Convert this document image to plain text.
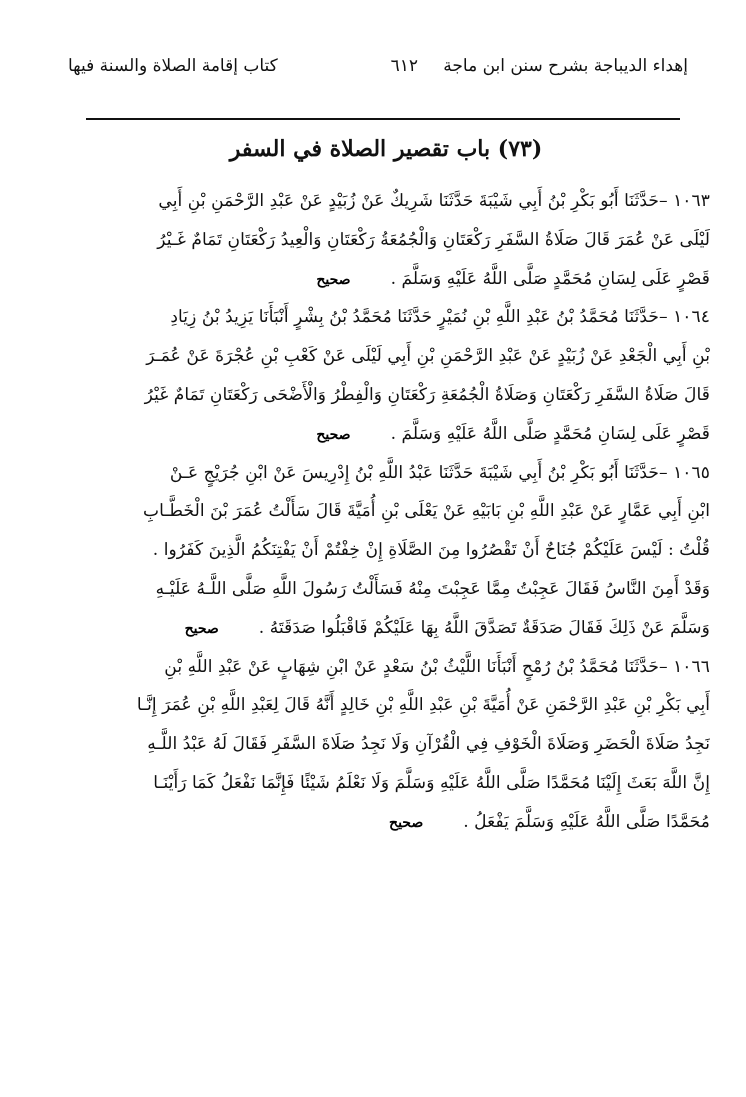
إهداء الديباجة بشرح سنن ابن ماجة
٦١٢
كتاب إقامة الصلاة والسنة فيها
(٧٣) باب تقصير الصلاة في السفر
١٠٦٣ –حَدَّثَنَا أَبُو بَكْرِ بْنُ أَبِي شَيْبَةَ حَدَّثَنَا شَرِيكٌ عَنْ زُبَيْدٍ عَنْ عَبْدِ الرَّحْمَنِ بْنِ أَبِي
لَيْلَى عَنْ عُمَرَ قَالَ صَلَاةُ السَّفَرِ رَكْعَتَانِ وَالْجُمُعَةُ رَكْعَتَانِ وَالْعِيدُ رَكْعَتَانِ تَمَامٌ غَـيْرُ
قَصْرٍ عَلَى لِسَانِ مُحَمَّدٍ صَلَّى اللَّهُ عَلَيْهِ وَسَلَّمَ .صحيح
١٠٦٤ –حَدَّثَنَا مُحَمَّدُ بْنُ عَبْدِ اللَّهِ بْنِ نُمَيْرٍ حَدَّثَنَا مُحَمَّدُ بْنُ بِشْرٍ أَنْبَأَنَا يَزِيدُ بْنُ زِيَادِ
بْنِ أَبِي الْجَعْدِ عَنْ زُبَيْدٍ عَنْ عَبْدِ الرَّحْمَنِ بْنِ أَبِي لَيْلَى عَنْ كَعْبِ بْنِ عُجْرَةَ عَنْ عُمَـرَ
قَالَ صَلَاةُ السَّفَرِ رَكْعَتَانِ وَصَلَاةُ الْجُمُعَةِ رَكْعَتَانِ وَالْفِطْرُ وَالْأَضْحَى رَكْعَتَانِ تَمَامٌ غَيْرُ
قَصْرٍ عَلَى لِسَانِ مُحَمَّدٍ صَلَّى اللَّهُ عَلَيْهِ وَسَلَّمَ .صحيح
١٠٦٥ –حَدَّثَنَا أَبُو بَكْرِ بْنُ أَبِي شَيْبَةَ حَدَّثَنَا عَبْدُ اللَّهِ بْنُ إِدْرِيسَ عَنْ ابْنِ جُرَيْجٍ عَـنْ
ابْنِ أَبِي عَمَّارٍ عَنْ عَبْدِ اللَّهِ بْنِ بَابَيْهِ عَنْ يَعْلَى بْنِ أُمَيَّةَ قَالَ سَأَلْتُ عُمَرَ بْنَ الْخَطَّـابِ
قُلْتُ : لَيْسَ عَلَيْكُمْ جُنَاحٌ أَنْ تَقْصُرُوا مِنَ الصَّلَاةِ إِنْ خِفْتُمْ أَنْ يَفْتِنَكُمُ الَّذِينَ كَفَرُوا .
وَقَدْ أَمِنَ النَّاسُ فَقَالَ عَجِبْتُ مِمَّا عَجِبْتَ مِنْهُ فَسَأَلْتُ رَسُولَ اللَّهِ صَلَّى اللَّـهُ عَلَيْـهِ
وَسَلَّمَ عَنْ ذَلِكَ فَقَالَ صَدَقَةٌ تَصَدَّقَ اللَّهُ بِهَا عَلَيْكُمْ فَاقْبَلُوا صَدَقَتَهُ .صحيح
١٠٦٦ –حَدَّثَنَا مُحَمَّدُ بْنُ رُمْحٍ أَنْبَأَنَا اللَّيْثُ بْنُ سَعْدٍ عَنْ ابْنِ شِهَابٍ عَنْ عَبْدِ اللَّهِ بْنِ
أَبِي بَكْرِ بْنِ عَبْدِ الرَّحْمَنِ عَنْ أُمَيَّةَ بْنِ عَبْدِ اللَّهِ بْنِ خَالِدٍ أَنَّهُ قَالَ لِعَبْدِ اللَّهِ بْنِ عُمَرَ إِنَّـا
نَجِدُ صَلَاةَ الْحَضَرِ وَصَلَاةَ الْخَوْفِ فِي الْقُرْآنِ وَلَا نَجِدُ صَلَاةَ السَّفَرِ فَقَالَ لَهُ عَبْدُ اللَّـهِ
إِنَّ اللَّهَ بَعَثَ إِلَيْنَا مُحَمَّدًا صَلَّى اللَّهُ عَلَيْهِ وَسَلَّمَ وَلَا نَعْلَمُ شَيْئًا فَإِنَّمَا نَفْعَلُ كَمَا رَأَيْنَـا
مُحَمَّدًا صَلَّى اللَّهُ عَلَيْهِ وَسَلَّمَ يَفْعَلُ .صحيح
